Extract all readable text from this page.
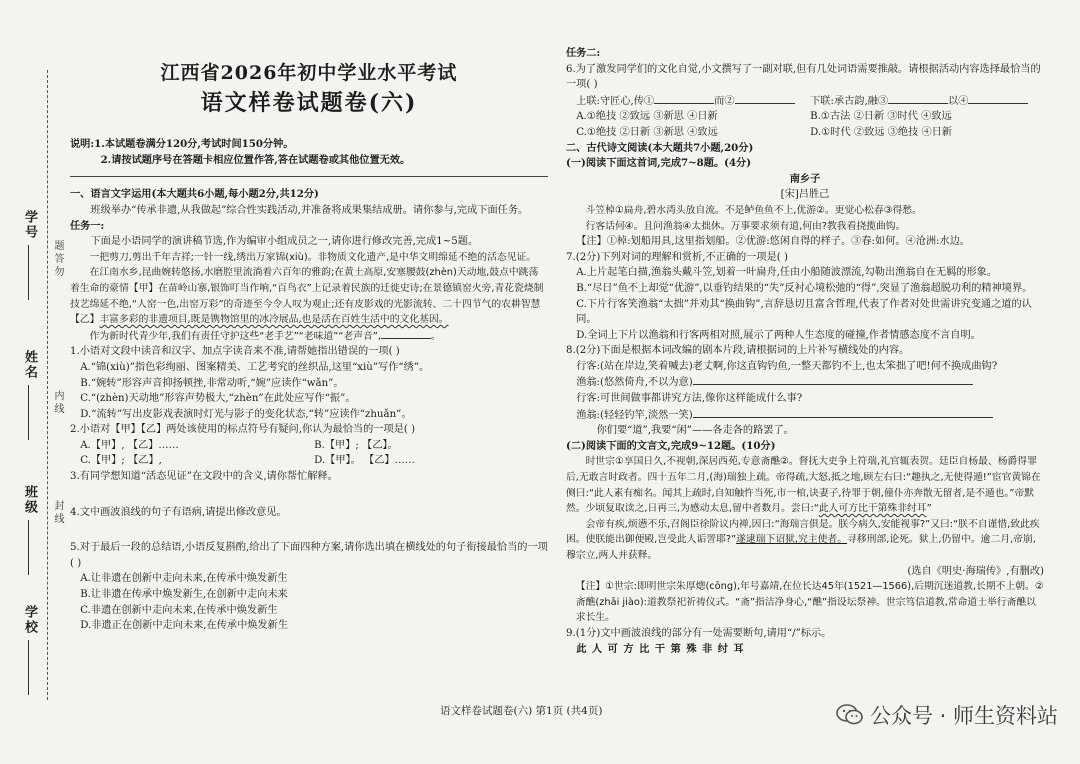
学号
姓名
班级
学校
题 答 勿
内 线
封 线
江西省2026年初中学业水平考试
语文样卷试题卷(六)

说明:1.本试题卷满分120分,考试时间150分钟。

2.请按试题序号在答题卡相应位置作答,答在试题卷或其他位置无效。

一、语言文字运用(本大题共6小题,每小题2分,共12分)

班级举办“传承非遗,从我做起”综合性实践活动,并准备将成果集结成册。请你参与,完成下面任务。

任务一:

下面是小语同学的演讲稿节选,作为编审小组成员之一,请你进行修改完善,完成1~5题。

一把剪刀,剪出千年吉祥;一针一线,绣出万家锦(xiù)。非物质文化遗产,是中华文明绵延不绝的活态见证。

在江南水乡,昆曲婉转悠扬,水磨腔里流淌着六百年的雅韵;在黄土高原,安塞腰鼓(zhèn)天动地,鼓点中跳荡着生命的豪情【甲】在苗岭山寨,银饰叮当作响,“百鸟衣”上记录着民族的迁徙史诗;在景德镇窑火旁,青花瓷烧制技艺绵延不绝,“人窑一色,出窑万彩”的奇迹至今令人叹为观止;还有皮影戏的光影流转、二十四节气的农耕智慧【乙】丰富多彩的非遗项目,既是镌物馆里的冰冷展品,也是活在百姓生活中的文化基因。

作为新时代青少年,我们有责任守护这些“老手艺”“老味道”“老声音”,	。

1.小语对文段中读音和汉字、加点字读音来不准,请帮她指出错误的一项( )

A.“锦(xiù)”指色彩绚丽、图案精美、工艺考究的丝织品,这里“xiù”写作“绣”。

B.“婉转”形容声音抑扬顿挫,非常动听,“婉”应读作“wǎn”。

C.“(zhèn)天动地”形容声势极大,“zhèn”在此处应写作“振”。

D.“流转”写出皮影戏表演时灯光与影子的变化状态,“转”应读作“zhuǎn”。

2.小语对【甲】【乙】两处该使用的标点符号有疑问,你认为最恰当的一项是( )

A.【甲】, 【乙】……	B.【甲】; 【乙】。
C.【甲】; 【乙】,	D.【甲】。 【乙】……

3.有同学想知道“活态见证”在文段中的含义,请你帮忙解释。

4.文中画波浪线的句子有语病,请提出修改意见。

5.对于最后一段的总结语,小语反复斟酌,给出了下面四种方案,请你选出填在横线处的句子衔接最恰当的一项( )

A.让非遗在创新中走向未来,在传承中焕发新生

B.让非遗在传承中焕发新生,在创新中走向未来

C.非遗在创新中走向未来,在传承中焕发新生

D.非遗正在创新中走向未来,在传承中焕发新生

任务二:

6.为了激发同学们的文化自觉,小文撰写了一副对联,但有几处词语需要推敲。请根据活动内容选择最恰当的一项( )

上联:守匠心,传①	而②	下联:承古韵,融③	以④
A.①绝技 ②致远 ③新思 ④日新	B.①古法 ②日新 ③时代 ④致远
C.①绝技 ②日新 ③新思 ④致远	D.①时代 ②致远 ③绝技 ④日新

二、古代诗文阅读(本大题共7小题,20分)

(一)阅读下面这首词,完成7~8题。(4分)

南乡子

[宋]吕胜己

斗笠棹①扁舟,碧水湾头放自流。不是鲈鱼鱼不上,优游②。更觉心松春③得愁。

行客话何④。且问渔翁④太拙休。万事要求须有道,何由?教我看挠揽曲钩。

【注】①棹:划船用具,这里指划船。②优游:悠闲自得的样子。③春:如何。④沧洲:水边。

7.(2分)下列对词的理解和赏析,不正确的一项是( )

A.上片起笔白描,渔翁头戴斗笠,划着一叶扁舟,任由小船随波漂流,勾勒出渔翁自在无羁的形象。

B.“尽日”鱼不上却觉“优游”,以垂钓结果的“失”反衬心境松弛的“得”,突显了渔翁超脱功利的精神境界。

C.下片行客笑渔翁“太拙”并劝其“换曲钩”,言辞恳切且富含哲理,代表了作者对处世需讲究变通之道的认同。

D.全词上下片以渔翁和行客两相对照,展示了两种人生态度的碰撞,作者情感态度不言自明。

8.(2分)下面是根据本词改编的剧本片段,请根据词的上片补写横线处的内容。

行客:(站在岸边,笑着喊去)老丈啊,你这直钩钓鱼,一整天都钓不上,也太笨拙了吧!何不换成曲钩?

渔翁:(悠然倚舟,不以为意)

行客:可世间做事都讲究方法,像你这样能成什么事?

渔翁:(轻轻钓竿,淡然一笑)

你们要“道”,我要“闲”——各走各的路罢了。

(二)阅读下面的文言文,完成9~12题。(10分)

时世宗①享国日久,不视朝,深居西苑,专意斋醮②。督抚大吏争上符瑞,礼官辄表贺。廷臣自杨最、杨爵得罪后,无敢言时政者。四十五年二月,(海)瑞独上疏。帝得疏,大怒,抵之地,顾左右曰:“趣执之,无使得遁!”宦官黄锦在侧曰:“此人素有痴名。闻其上疏时,自知触忤当死,市一棺,诀妻子,待罪于朝,僮仆亦奔散无留者,是不遁也。”帝默然。少顷复取读之,日再三,为感动太息,留中者数月。尝曰:“此人可方比干第殊非纣耳”

会帝有疾,烦懑不乐,召阁臣徐阶议内禅,因曰:“海瑞言俱是。朕今病久,安能视事?”又曰:“朕不自谨惜,致此疾困。使朕能出御便殿,岂受此人诟詈耶?”遂逮瑞下诏狱,究主使者。寻移刑部,论死。狱上,仍留中。逾二月,帝崩,穆宗立,两人并获释。

(选自《明史·海瑞传》,有删改)

【注】①世宗:即明世宗朱厚熜(cōng),年号嘉靖,在位长达45年(1521—1566),后期沉迷道教,长期不上朝。②斋醮(zhāi jiào):道教祭祀祈祷仪式。“斋”指洁净身心,“醮”指设坛祭神。世宗笃信道教,常命道士举行斋醮以求长生。

9.(1分)文中画波浪线的部分有一处需要断句,请用“/”标示。

此 人 可 方 比 干 第 殊 非 纣 耳

语文样卷试题卷(六) 第1页 (共4页)	公众号 · 师生资料站
